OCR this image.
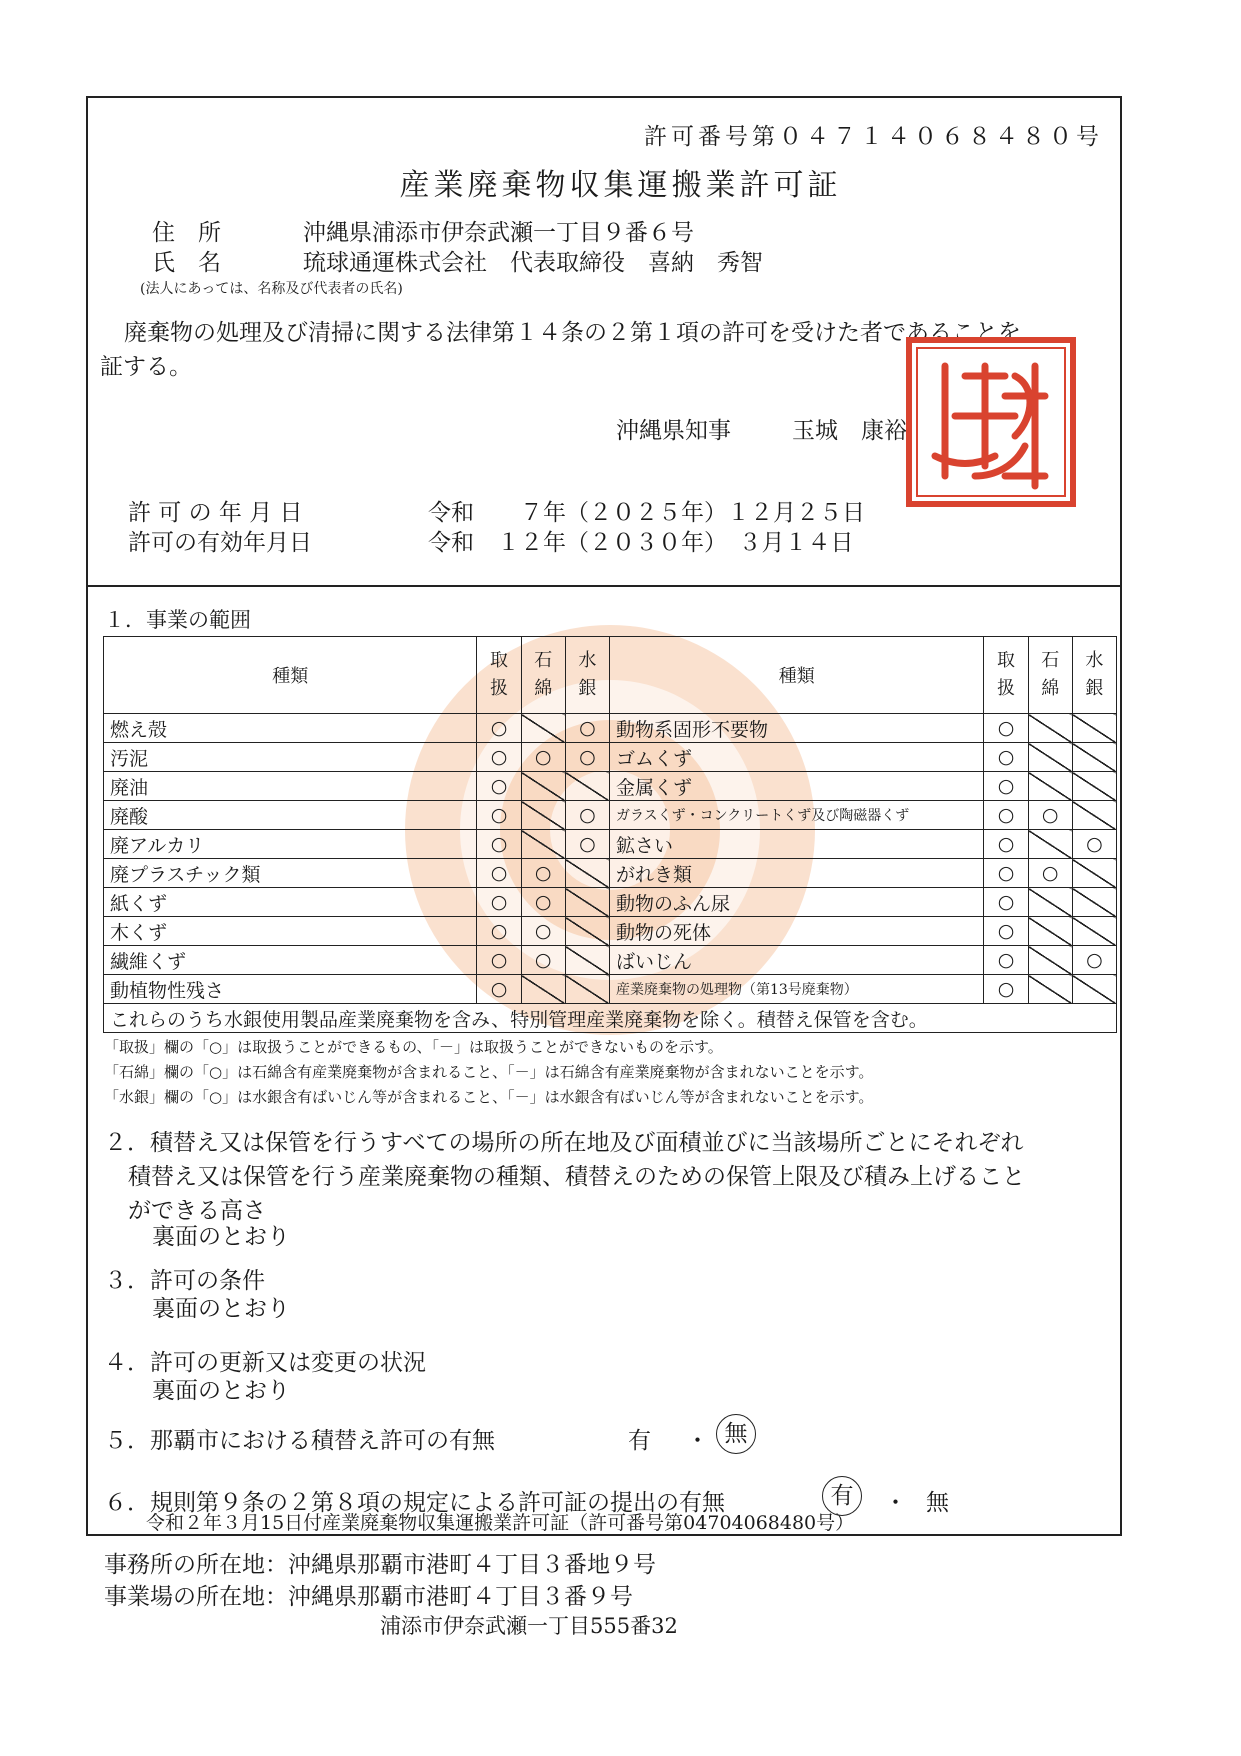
許可番号第０４７１４０６８４８０号
産業廃棄物収集運搬業許可証
住　所	沖縄県浦添市伊奈武瀬一丁目９番６号
氏　名	琉球通運株式会社　代表取締役　喜納　秀智
(法人にあっては、名称及び代表者の氏名)
廃棄物の処理及び清掃に関する法律第１４条の２第１項の許可を受けた者であることを
証する。
沖縄県知事	玉城　康裕
許 可 の 年 月 日	令和　　７年（２０２５年）１２月２５日
許可の有効年月日	令和　１２年（２０３０年）　３月１４日
１．事業の範囲
種類	取扱	石綿	水銀	種類	取扱	石綿	水銀
燃え殻	○		○	動物系固形不要物	○		
汚泥	○	○	○	ゴムくず	○		
廃油	○			金属くず	○		
廃酸	○		○	ガラスくず・コンクリートくず及び陶磁器くず	○	○	
廃アルカリ	○		○	鉱さい	○		○
廃プラスチック類	○	○		がれき類	○	○	
紙くず	○	○		動物のふん尿	○		
木くず	○	○		動物の死体	○		
繊維くず	○	○		ばいじん	○		○
動植物性残さ	○			産業廃棄物の処理物（第13号廃棄物）	○		
これらのうち水銀使用製品産業廃棄物を含み、特別管理産業廃棄物を除く。積替え保管を含む。							
「取扱」欄の「○」は取扱うことができるもの、「－」は取扱うことができないものを示す。
「石綿」欄の「○」は石綿含有産業廃棄物が含まれること、「－」は石綿含有産業廃棄物が含まれないことを示す。
「水銀」欄の「○」は水銀含有ばいじん等が含まれること、「－」は水銀含有ばいじん等が含まれないことを示す。
２．積替え又は保管を行うすべての場所の所在地及び面積並びに当該場所ごとにそれぞれ
積替え又は保管を行う産業廃棄物の種類、積替えのための保管上限及び積み上げること
ができる高さ
裏面のとおり
３．許可の条件
裏面のとおり
４．許可の更新又は変更の状況
裏面のとおり
５．那覇市における積替え許可の有無	有 ・ 無
６．規則第９条の２第８項の規定による許可証の提出の有無	有	・ 無
令和２年３月15日付産業廃棄物収集運搬業許可証（許可番号第04704068480号）
事務所の所在地：沖縄県那覇市港町４丁目３番地９号
事業場の所在地：沖縄県那覇市港町４丁目３番９号
浦添市伊奈武瀬一丁目555番32
